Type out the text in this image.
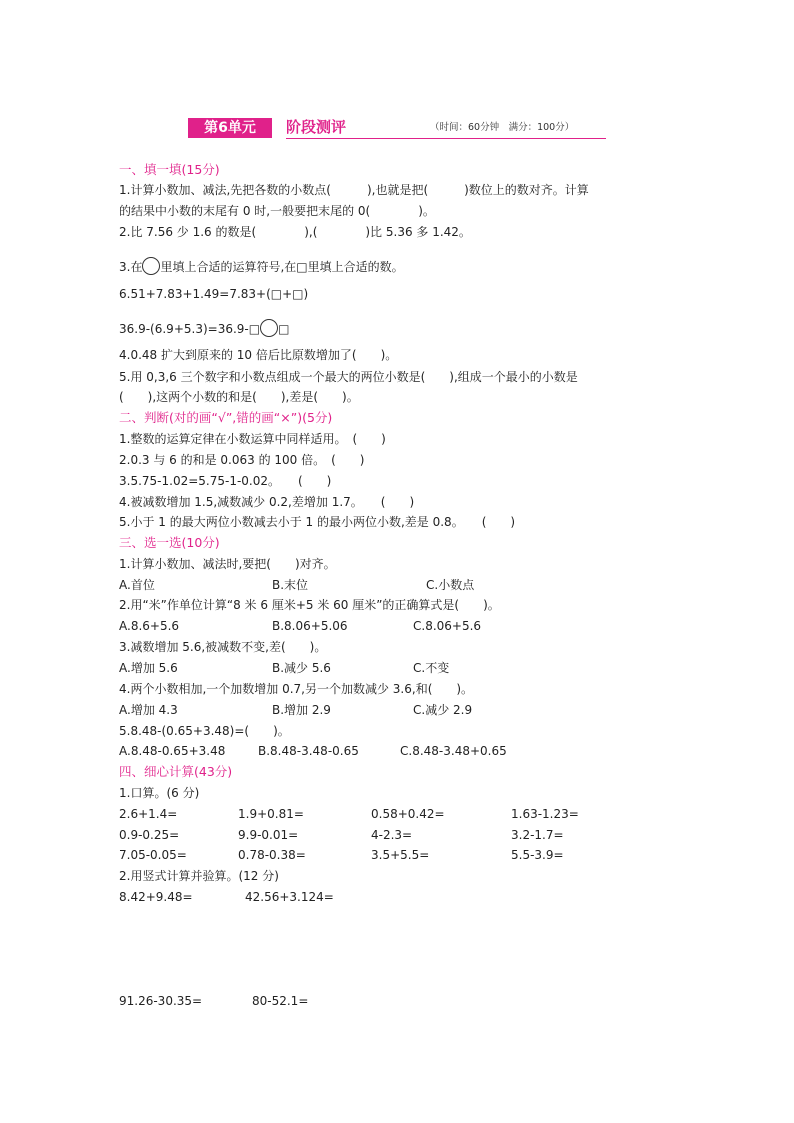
第6单元	阶段测评	（时间：60分钟　满分：100分）
一、填一填(15分)
1.计算小数加、减法,先把各数的小数点(　　　),也就是把(　　　)数位上的数对齐。计算
的结果中小数的末尾有 0 时,一般要把末尾的 0(　　　　)。
2.比 7.56 少 1.6 的数是(　　　　),(　　　　)比 5.36 多 1.42。
3.在 里填上合适的运算符号,在□里填上合适的数。
6.51+7.83+1.49=7.83+(□+□)
36.9-(6.9+5.3)=36.9-□ □
4.0.48 扩大到原来的 10 倍后比原数增加了(　　)。
5.用 0,3,6 三个数字和小数点组成一个最大的两位小数是(　　),组成一个最小的小数是
(　　),这两个小数的和是(　　),差是(　　)。
二、判断(对的画“√”,错的画“×”)(5分)
1.整数的运算定律在小数运算中同样适用。　(　　)
2.0.3 与 6 的和是 0.063 的 100 倍。　(　　)
3.5.75-1.02=5.75-1-0.02。　　(　　)
4.被减数增加 1.5,减数减少 0.2,差增加 1.7。　　(　　)
5.小于 1 的最大两位小数减去小于 1 的最小两位小数,差是 0.8。　　(　　)
三、选一选(10分)
1.计算小数加、减法时,要把(　　)对齐。
A.首位	B.末位	C.小数点
2.用“米”作单位计算“8 米 6 厘米+5 米 60 厘米”的正确算式是(　　)。
A.8.6+5.6	B.8.06+5.06	C.8.06+5.6
3.减数增加 5.6,被减数不变,差(　　)。
A.增加 5.6	B.减少 5.6	C.不变
4.两个小数相加,一个加数增加 0.7,另一个加数减少 3.6,和(　　)。
A.增加 4.3	B.增加 2.9	C.减少 2.9
5.8.48-(0.65+3.48)=(　　)。
A.8.48-0.65+3.48	B.8.48-3.48-0.65	C.8.48-3.48+0.65
四、细心计算(43分)
1.口算。(6 分)
2.6+1.4=	1.9+0.81=	0.58+0.42=	1.63-1.23=
0.9-0.25=	9.9-0.01=	4-2.3=	3.2-1.7=
7.05-0.05=	0.78-0.38=	3.5+5.5=	5.5-3.9=
2.用竖式计算并验算。(12 分)
8.42+9.48=	42.56+3.124=
91.26-30.35=	80-52.1=
